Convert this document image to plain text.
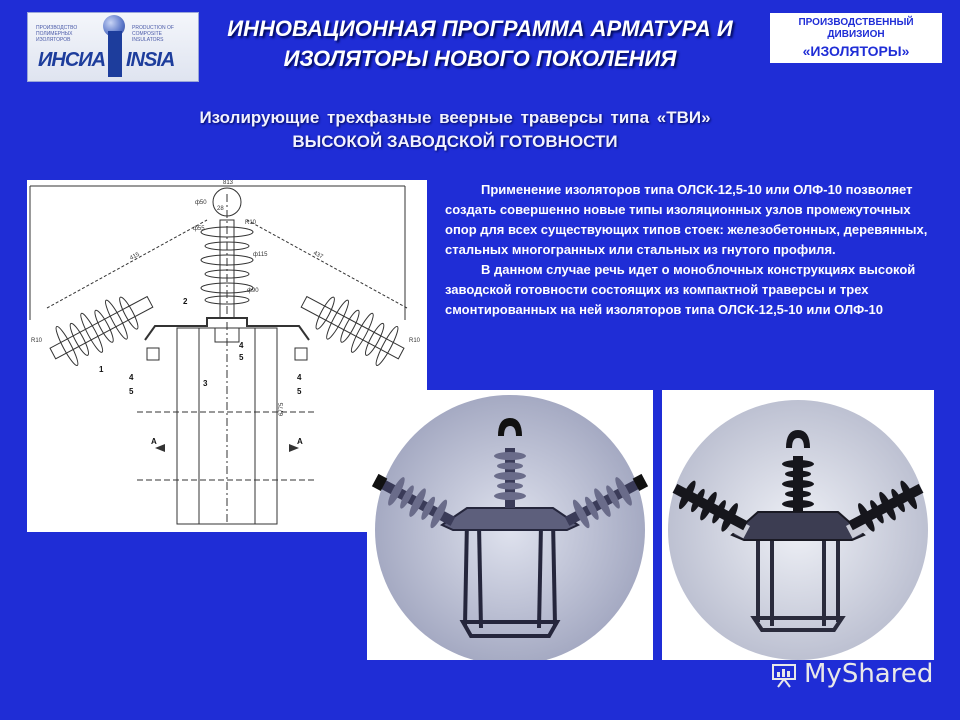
ПРОИЗВОДСТВО ПОЛИМЕРНЫХ ИЗОЛЯТОРОВ
PRODUCTION OF COMPOSITE INSULATORS
ИНСИА INSIA
ИННОВАЦИОННАЯ ПРОГРАММА АРМАТУРА И
ИЗОЛЯТОРЫ НОВОГО ПОКОЛЕНИЯ
ПРОИЗВОДСТВЕННЫЙ
ДИВИЗИОН
«ИЗОЛЯТОРЫ»
Изолирующие трехфазные веерные траверсы типа «ТВИ»
ВЫСОКОЙ ЗАВОДСКОЙ ГОТОВНОСТИ
813
ф50
28
R10
ф55
ф115
ф90
415	437
R10	R10
6775
1
2
3
4
5
4
5
4
5
А	А

Применение изоляторов типа ОЛСК-12,5-10 или ОЛФ-10 позволяет создать совершенно новые типы изоляционных узлов промежуточных опор для всех существующих типов стоек: железобетонных, деревянных, стальных многогранных или стальных из гнутого профиля.

В данном случае речь идет о моноблочных конструкциях высокой заводской готовности состоящих из компактной траверсы и трех смонтированных на ней изоляторов типа ОЛСК-12,5-10 или ОЛФ-10

MyShared
